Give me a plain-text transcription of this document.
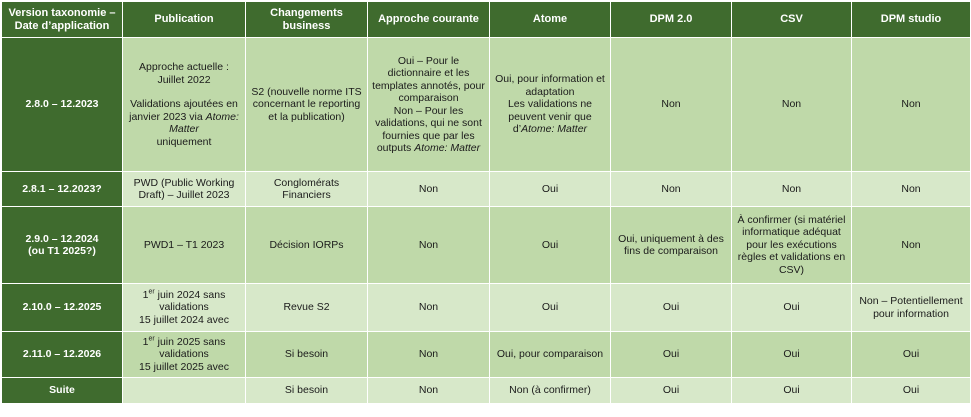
Version taxonomie – Date d’application	Publication	Changements business	Approche courante	Atome	DPM 2.0	CSV	DPM studio
2.8.0 – 12.2023	Approche actuelle :
Juillet 2022
Validations ajoutées en janvier 2023 via Atome: Matter
uniquement	S2 (nouvelle norme ITS concernant le reporting et la publication)	Oui – Pour le dictionnaire et les templates annotés, pour comparaison
Non – Pour les validations, qui ne sont fournies que par les outputs Atome: Matter	Oui, pour information et adaptation
Les validations ne peuvent venir que d’Atome: Matter	Non	Non	Non
2.8.1 – 12.2023?	PWD (Public Working Draft) – Juillet 2023	Conglomérats Financiers	Non	Oui	Non	Non	Non

2.9.0 – 12.2024
(ou T1 2025?)	PWD1 – T1 2023	Décision IORPs	Non	Oui	Oui, uniquement à des fins de comparaison	À confirmer (si matériel informatique adéquat pour les exécutions règles et validations en CSV)	Non
2.10.0 – 12.2025	1er juin 2024 sans validations
15 juillet 2024 avec	Revue S2	Non	Oui	Oui	Oui	Non – Potentiellement pour information
2.11.0 – 12.2026	1er juin 2025 sans validations
15 juillet 2025 avec	Si besoin	Non	Oui, pour comparaison	Oui	Oui	Oui
Suite		Si besoin	Non	Non (à confirmer)	Oui	Oui	Oui
